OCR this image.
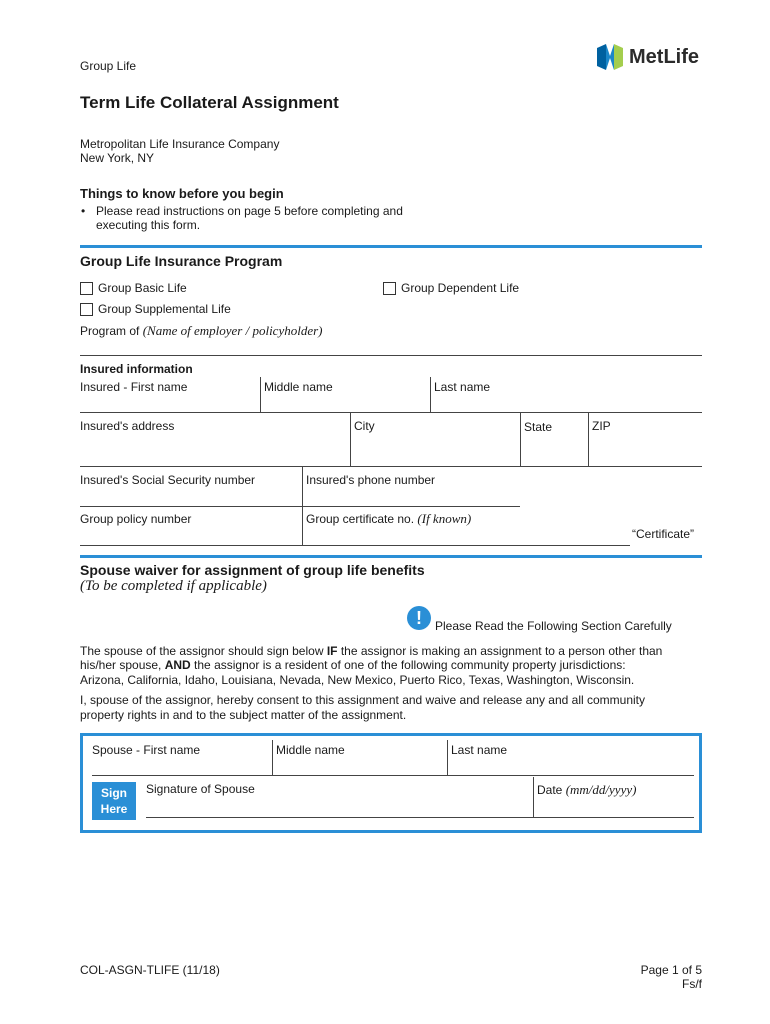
Group Life	MetLife
Term Life Collateral Assignment
Metropolitan Life Insurance Company
New York, NY
Things to know before you begin
• Please read instructions on page 5 before completing and
executing this form.
Group Life Insurance Program
Group Basic Life	Group Dependent Life
Group Supplemental Life
Program of (Name of employer / policyholder)
Insured information
Insured - First name	Middle name	Last name
Insured's address	City	State	ZIP
Insured's Social Security number	Insured's phone number
Group policy number	Group certificate no. (If known)
“Certificate”
Spouse waiver for assignment of group life benefits
(To be completed if applicable)
!	Please Read the Following Section Carefully
The spouse of the assignor should sign below IF the assignor is making an assignment to a person other than
his/her spouse, AND the assignor is a resident of one of the following community property jurisdictions:
Arizona, California, Idaho, Louisiana, Nevada, New Mexico, Puerto Rico, Texas, Washington, Wisconsin.
I, spouse of the assignor, hereby consent to this assignment and waive and release any and all community
property rights in and to the subject matter of the assignment.
Spouse - First name	Middle name	Last name
Sign
Here
Signature of Spouse	Date (mm/dd/yyyy)
COL-ASGN-TLIFE (11/18)	Page 1 of 5
Fs/f
